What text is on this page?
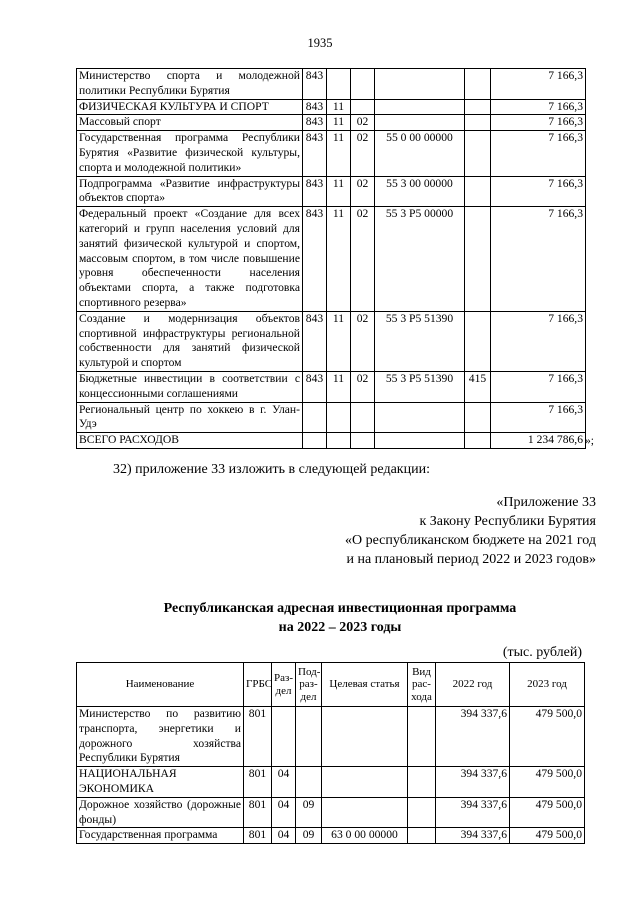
1935
Министерство спорта и молодежной политики Республики Бурятия	843					7 166,3
ФИЗИЧЕСКАЯ КУЛЬТУРА И СПОРТ	843	11				7 166,3
Массовый спорт	843	11	02			7 166,3
Государственная программа Республики Бурятия «Развитие физической культуры, спорта и молодежной политики»	843	11	02	55 0 00 00000		7 166,3
Подпрограмма «Развитие инфраструктуры объектов спорта»	843	11	02	55 3 00 00000		7 166,3
Федеральный проект «Создание для всех категорий и групп населения условий для занятий физической культурой и спортом, массовым спортом, в том числе повышение уровня обеспеченности населения объектами спорта, а также подготовка спортивного резерва»	843	11	02	55 3 P5 00000		7 166,3
Создание и модернизация объектов спортивной инфраструктуры региональной собственности для занятий физической культурой и спортом	843	11	02	55 3 P5 51390		7 166,3
Бюджетные инвестиции в соответствии с концессионными соглашениями	843	11	02	55 3 P5 51390	415	7 166,3
Региональный центр по хоккею в г. Улан-Удэ						7 166,3
ВСЕГО РАСХОДОВ						1 234 786,6 »;
32) приложение 33 изложить в следующей редакции:
«Приложение 33
к Закону Республики Бурятия
«О республиканском бюджете на 2021 год
и на плановый период 2022 и 2023 годов»
Республиканская адресная инвестиционная программа
на 2022 – 2023 годы
(тыс. рублей)
Наименование	ГРБС	Раз-дел	Под-раз-дел	Целевая статья	Вид рас-хода	2022 год	2023 год
Министерство по развитию транспорта, энергетики и дорожного хозяйства Республики Бурятия	801					394 337,6	479 500,0
НАЦИОНАЛЬНАЯ ЭКОНОМИКА	801	04				394 337,6	479 500,0
Дорожное хозяйство (дорожные фонды)	801	04	09			394 337,6	479 500,0
Государственная программа	801	04	09	63 0 00 00000		394 337,6	479 500,0
